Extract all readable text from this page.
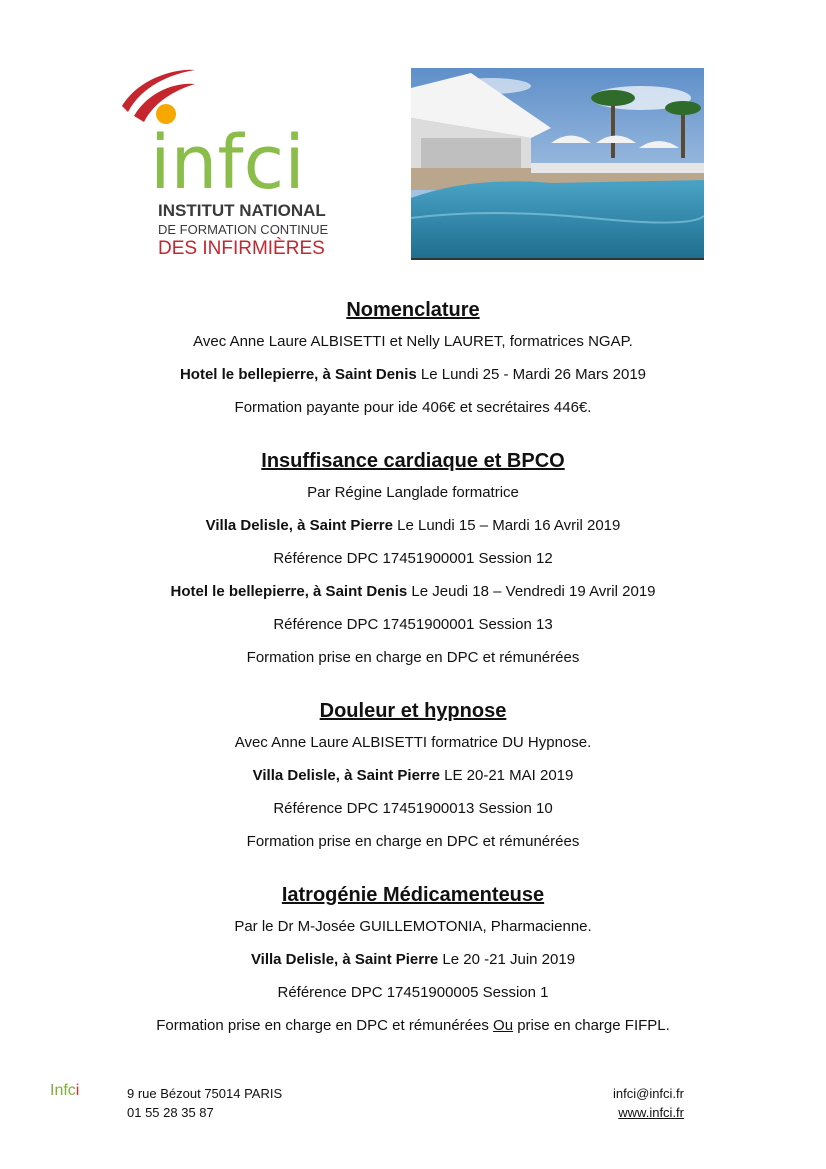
infci
INSTITUT NATIONAL
DE FORMATION CONTINUE
DES INFIRMIÈRES
Nomenclature

Avec Anne Laure ALBISETTI et Nelly LAURET, formatrices NGAP.

Hotel le bellepierre, à Saint Denis Le Lundi 25 - Mardi 26 Mars 2019

Formation payante pour ide 406€ et secrétaires 446€.

Insuffisance cardiaque et BPCO

Par Régine Langlade formatrice

Villa Delisle, à Saint Pierre Le Lundi 15 – Mardi 16 Avril 2019

Référence DPC 17451900001 Session 12

Hotel le bellepierre, à Saint Denis Le Jeudi 18 – Vendredi 19 Avril 2019

Référence DPC 17451900001 Session 13

Formation prise en charge en DPC et rémunérées

Douleur et hypnose

Avec Anne Laure ALBISETTI formatrice DU Hypnose.

Villa Delisle, à Saint Pierre LE 20-21 MAI 2019

Référence DPC 17451900013 Session 10

Formation prise en charge en DPC et rémunérées

Iatrogénie Médicamenteuse

Par le Dr M-Josée GUILLEMOTONIA, Pharmacienne.

Villa Delisle, à Saint Pierre Le 20 -21 Juin 2019

Référence DPC 17451900005 Session 1

Formation prise en charge en DPC et rémunérées Ou prise en charge FIFPL.

Infci	9 rue Bézout 75014 PARIS
01 55 28 35 87
infci@infci.fr
www.infci.fr
